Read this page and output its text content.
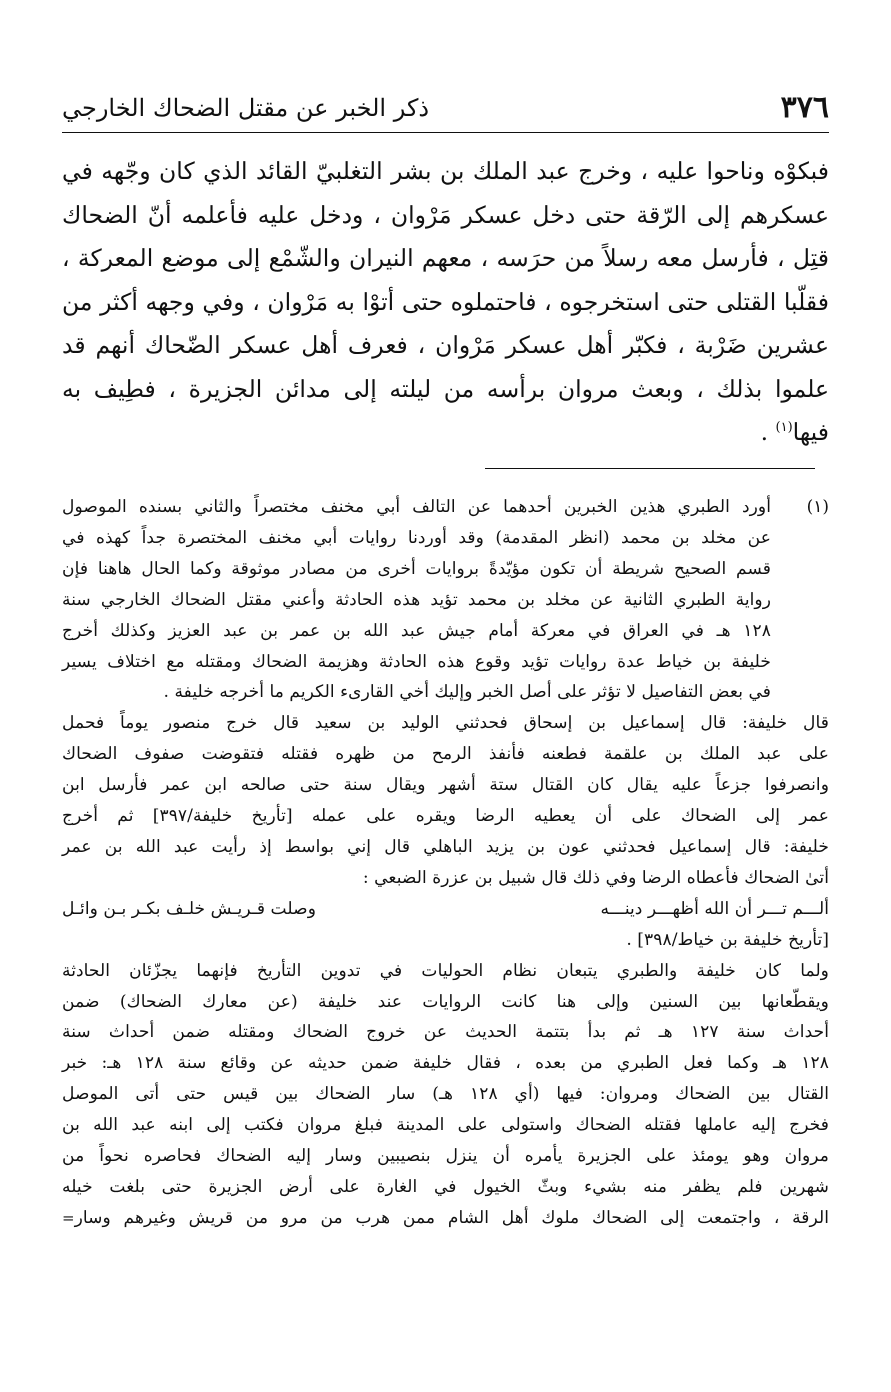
٣٧٦
ذكر الخبر عن مقتل الضحاك الخارجي
فبكوْه وناحوا عليه ، وخرج عبد الملك بن بشر التغلبيّ القائد الذي كان وجّهه في
عسكرهم إلى الرّقة حتى دخل عسكر مَرْوان ، ودخل عليه فأعلمه أنّ الضحاك
قتِل ، فأرسل معه رسلاً من حرَسه ، معهم النيران والشّمْع إلى موضع المعركة ،
فقلّبا القتلى حتى استخرجوه ، فاحتملوه حتى أتوْا به مَرْوان ، وفي وجهه أكثر من
عشرين ضَرْبة ، فكبّر أهل عسكر مَرْوان ، فعرف أهل عسكر الضّحاك أنهم قد
علموا بذلك ، وبعث مروان برأسه من ليلته إلى مدائن الجزيرة ، فطِيف به
فيها$^{(١)}$ .
(١)
أورد الطبري هذين الخبرين أحدهما عن التالف أبي مخنف مختصراً والثاني بسنده الموصول
عن مخلد بن محمد (انظر المقدمة) وقد أوردنا روايات أبي مخنف المختصرة جداً كهذه في
قسم الصحيح شريطة أن تكون مؤيّدةً بروايات أخرى من مصادر موثوقة وكما الحال هاهنا فإن
رواية الطبري الثانية عن مخلد بن محمد تؤيد هذه الحادثة وأعني مقتل الضحاك الخارجي سنة
١٢٨ هـ في العراق في معركة أمام جيش عبد الله بن عمر بن عبد العزيز وكذلك أخرج
خليفة بن خياط عدة روايات تؤيد وقوع هذه الحادثة وهزيمة الضحاك ومقتله مع اختلاف يسير
في بعض التفاصيل لا تؤثر على أصل الخبر وإليك أخي القارىء الكريم ما أخرجه خليفة .
قال خليفة: قال إسماعيل بن إسحاق فحدثني الوليد بن سعيد قال خرج منصور يوماً فحمل
على عبد الملك بن علقمة فطعنه فأنفذ الرمح من ظهره فقتله فتقوضت صفوف الضحاك
وانصرفوا جزعاً عليه يقال كان القتال ستة أشهر ويقال سنة حتى صالحه ابن عمر فأرسل ابن
عمر إلى الضحاك على أن يعطيه الرضا ويقره على عمله [تأريخ خليفة/٣٩٧] ثم أخرج
خليفة: قال إسماعيل فحدثني عون بن يزيد الباهلي قال إني بواسط إذ رأيت عبد الله بن عمر
أتىٰ الضحاك فأعطاه الرضا وفي ذلك قال شبيل بن عزرة الضبعي :
ألـــم تـــر أن الله أظهـــر دينـــه
وصلت قـريـش خلـف بكـر بـن وائـل
[تأريخ خليفة بن خياط/٣٩٨] .
ولما كان خليفة والطبري يتبعان نظام الحوليات في تدوين التأريخ فإنهما يجزّئان الحادثة
ويقطّعانها بين السنين وإلى هنا كانت الروايات عند خليفة (عن معارك الضحاك) ضمن
أحداث سنة ١٢٧ هـ ثم بدأ بتتمة الحديث عن خروج الضحاك ومقتله ضمن أحداث سنة
١٢٨ هـ وكما فعل الطبري من بعده ، فقال خليفة ضمن حديثه عن وقائع سنة ١٢٨ هـ: خبر
القتال بين الضحاك ومروان: فيها (أي ١٢٨ هـ) سار الضحاك بين قيس حتى أتى الموصل
فخرج إليه عاملها فقتله الضحاك واستولى على المدينة فبلغ مروان فكتب إلى ابنه عبد الله بن
مروان وهو يومئذ على الجزيرة يأمره أن ينزل بنصيبين وسار إليه الضحاك فحاصره نحواً من
شهرين فلم يظفر منه بشيء وبثّ الخيول في الغارة على أرض الجزيرة حتى بلغت خيله
الرقة ، واجتمعت إلى الضحاك ملوك أهل الشام ممن هرب من مرو من قريش وغيرهم وسار=
